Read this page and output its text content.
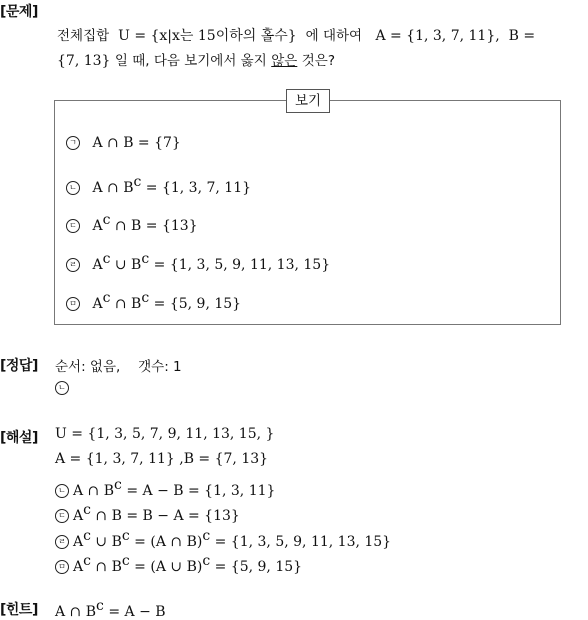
[문제]
전체집합 U = {x|x는 15이하의 홀수} 에 대하여 A = {1, 3, 7, 11}, B =
{7, 13} 일 때, 다음 보기에서 옳지 않은 것은?
보기
ㄱ A ∩ B = {7}
ㄴ A ∩ $B^c = \{1$, 3, 7, 11}
ㄷ $A^c$ ∩ B = {13}
ㄹ $A^c$ ∪ $B^c = \{1$, 3, 5, 9, 11, 13, 15}
ㅁ $A^c$ ∩ $B^c = \{5$, 9, 15}
[정답] 순서: 없음, 갯수: 1
ㄴ
[해설] U = {1, 3, 5, 7, 9, 11, 13, 15, }
A = {1, 3, 7, 11} ,B = {7, 13}
ㄴ A ∩ $B^c = A - B = \{1$, 3, 11}
ㄷ $A^c$ ∩ B = B − A = {13}
ㄹ $A^c$ ∪ $B^c = (A$ ∩ B)$^c$ = {1, 3, 5, 9, 11, 13, 15}
ㅁ $A^c$ ∩ $B^c = (A$ ∪ B)$^c$ = {5, 9, 15}
[힌트] A ∩ $B^c = A - B$
